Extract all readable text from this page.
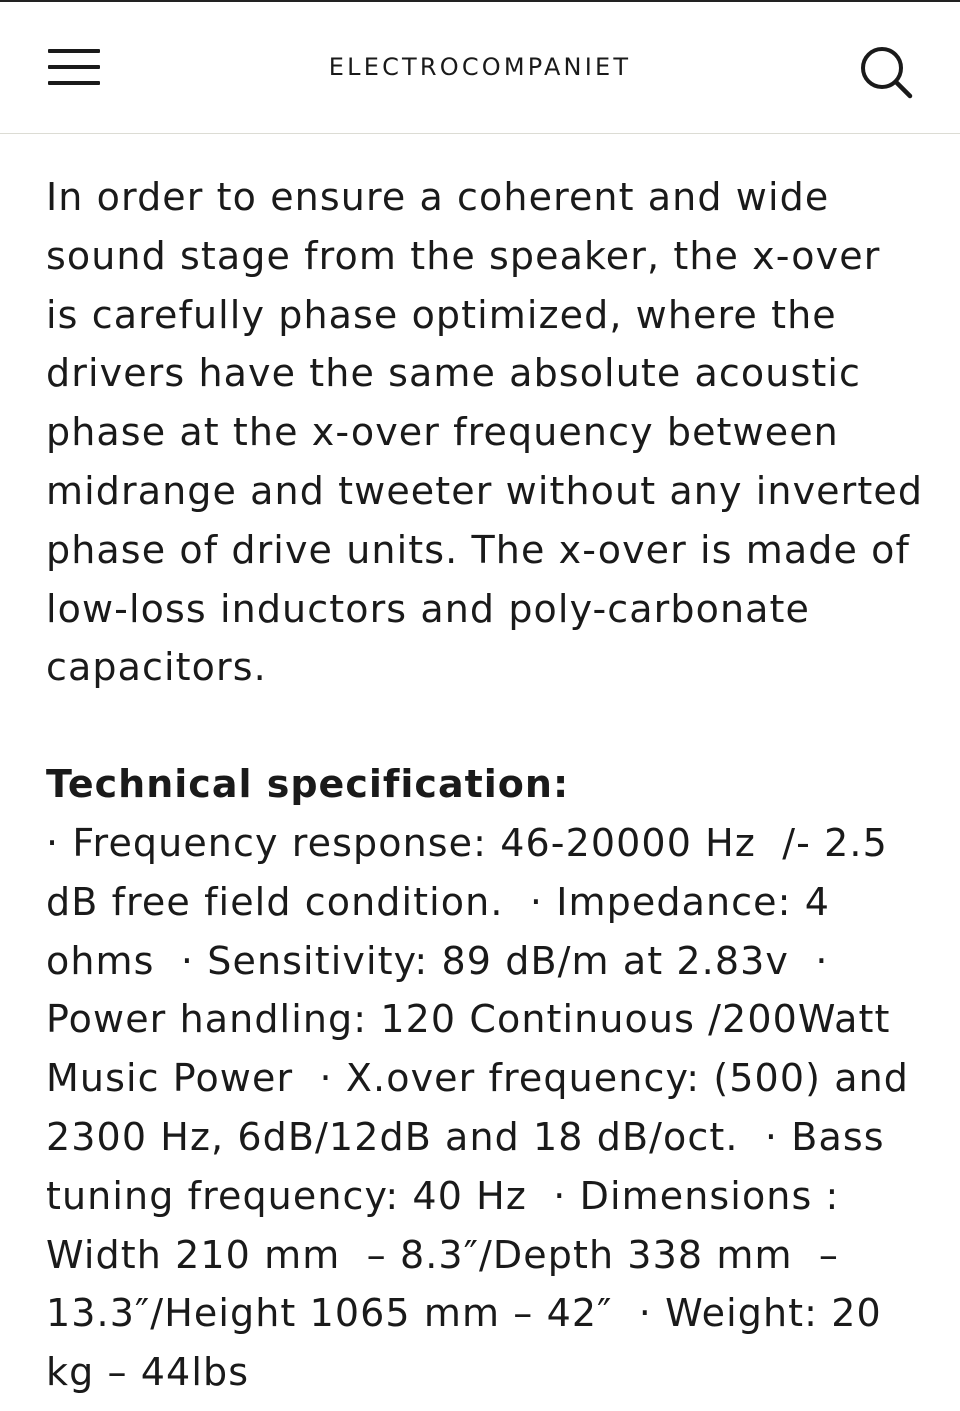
ELECTROCOMPANIET

In order to ensure a coherent and wide sound stage from the speaker, the x-over is carefully phase optimized, where the drivers have the same absolute acoustic phase at the x-over frequency between midrange and tweeter without any inverted phase of drive units. The x-over is made of low-loss inductors and poly-carbonate capacitors.

Technical specification:
· Frequency response: 46-20000 Hz  /- 2.5 dB free field condition.  · Impedance: 4 ohms  · Sensitivity: 89 dB/m at 2.83v  · Power handling: 120 Continuous /200Watt Music Power  · X.over frequency: (500) and 2300 Hz, 6dB/12dB and 18 dB/oct.  · Bass tuning frequency: 40 Hz  · Dimensions : Width 210 mm  – 8.3″/Depth 338 mm  – 13.3″/Height 1065 mm – 42″  · Weight: 20 kg – 44lbs
